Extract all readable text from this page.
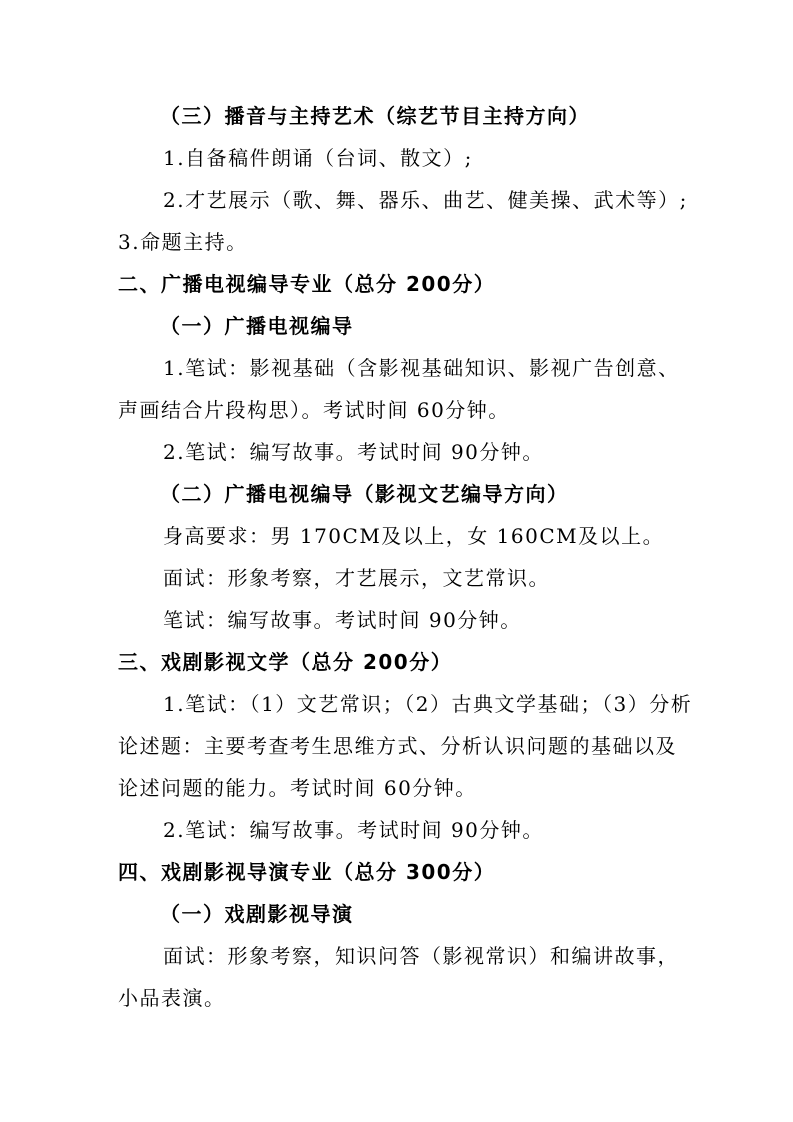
（三）播音与主持艺术（综艺节目主持方向）
1.自备稿件朗诵（台词、散文）;
2.才艺展示（歌、舞、器乐、曲艺、健美操、武术等）;
3.命题主持。
二、广播电视编导专业（总分 200分）
（一）广播电视编导
1.笔试：影视基础（含影视基础知识、影视广告创意、
声画结合片段构思）。考试时间 60分钟。
2.笔试：编写故事。考试时间 90分钟。
（二）广播电视编导（影视文艺编导方向）
身高要求：男 170CM及以上，女 160CM及以上。
面试：形象考察，才艺展示，文艺常识。
笔试：编写故事。考试时间 90分钟。
三、戏剧影视文学（总分 200分）
1.笔试：（1）文艺常识；（2）古典文学基础；（3）分析
论述题：主要考查考生思维方式、分析认识问题的基础以及
论述问题的能力。考试时间 60分钟。
2.笔试：编写故事。考试时间 90分钟。
四、戏剧影视导演专业（总分 300分）
（一）戏剧影视导演
面试：形象考察，知识问答（影视常识）和编讲故事，
小品表演。
